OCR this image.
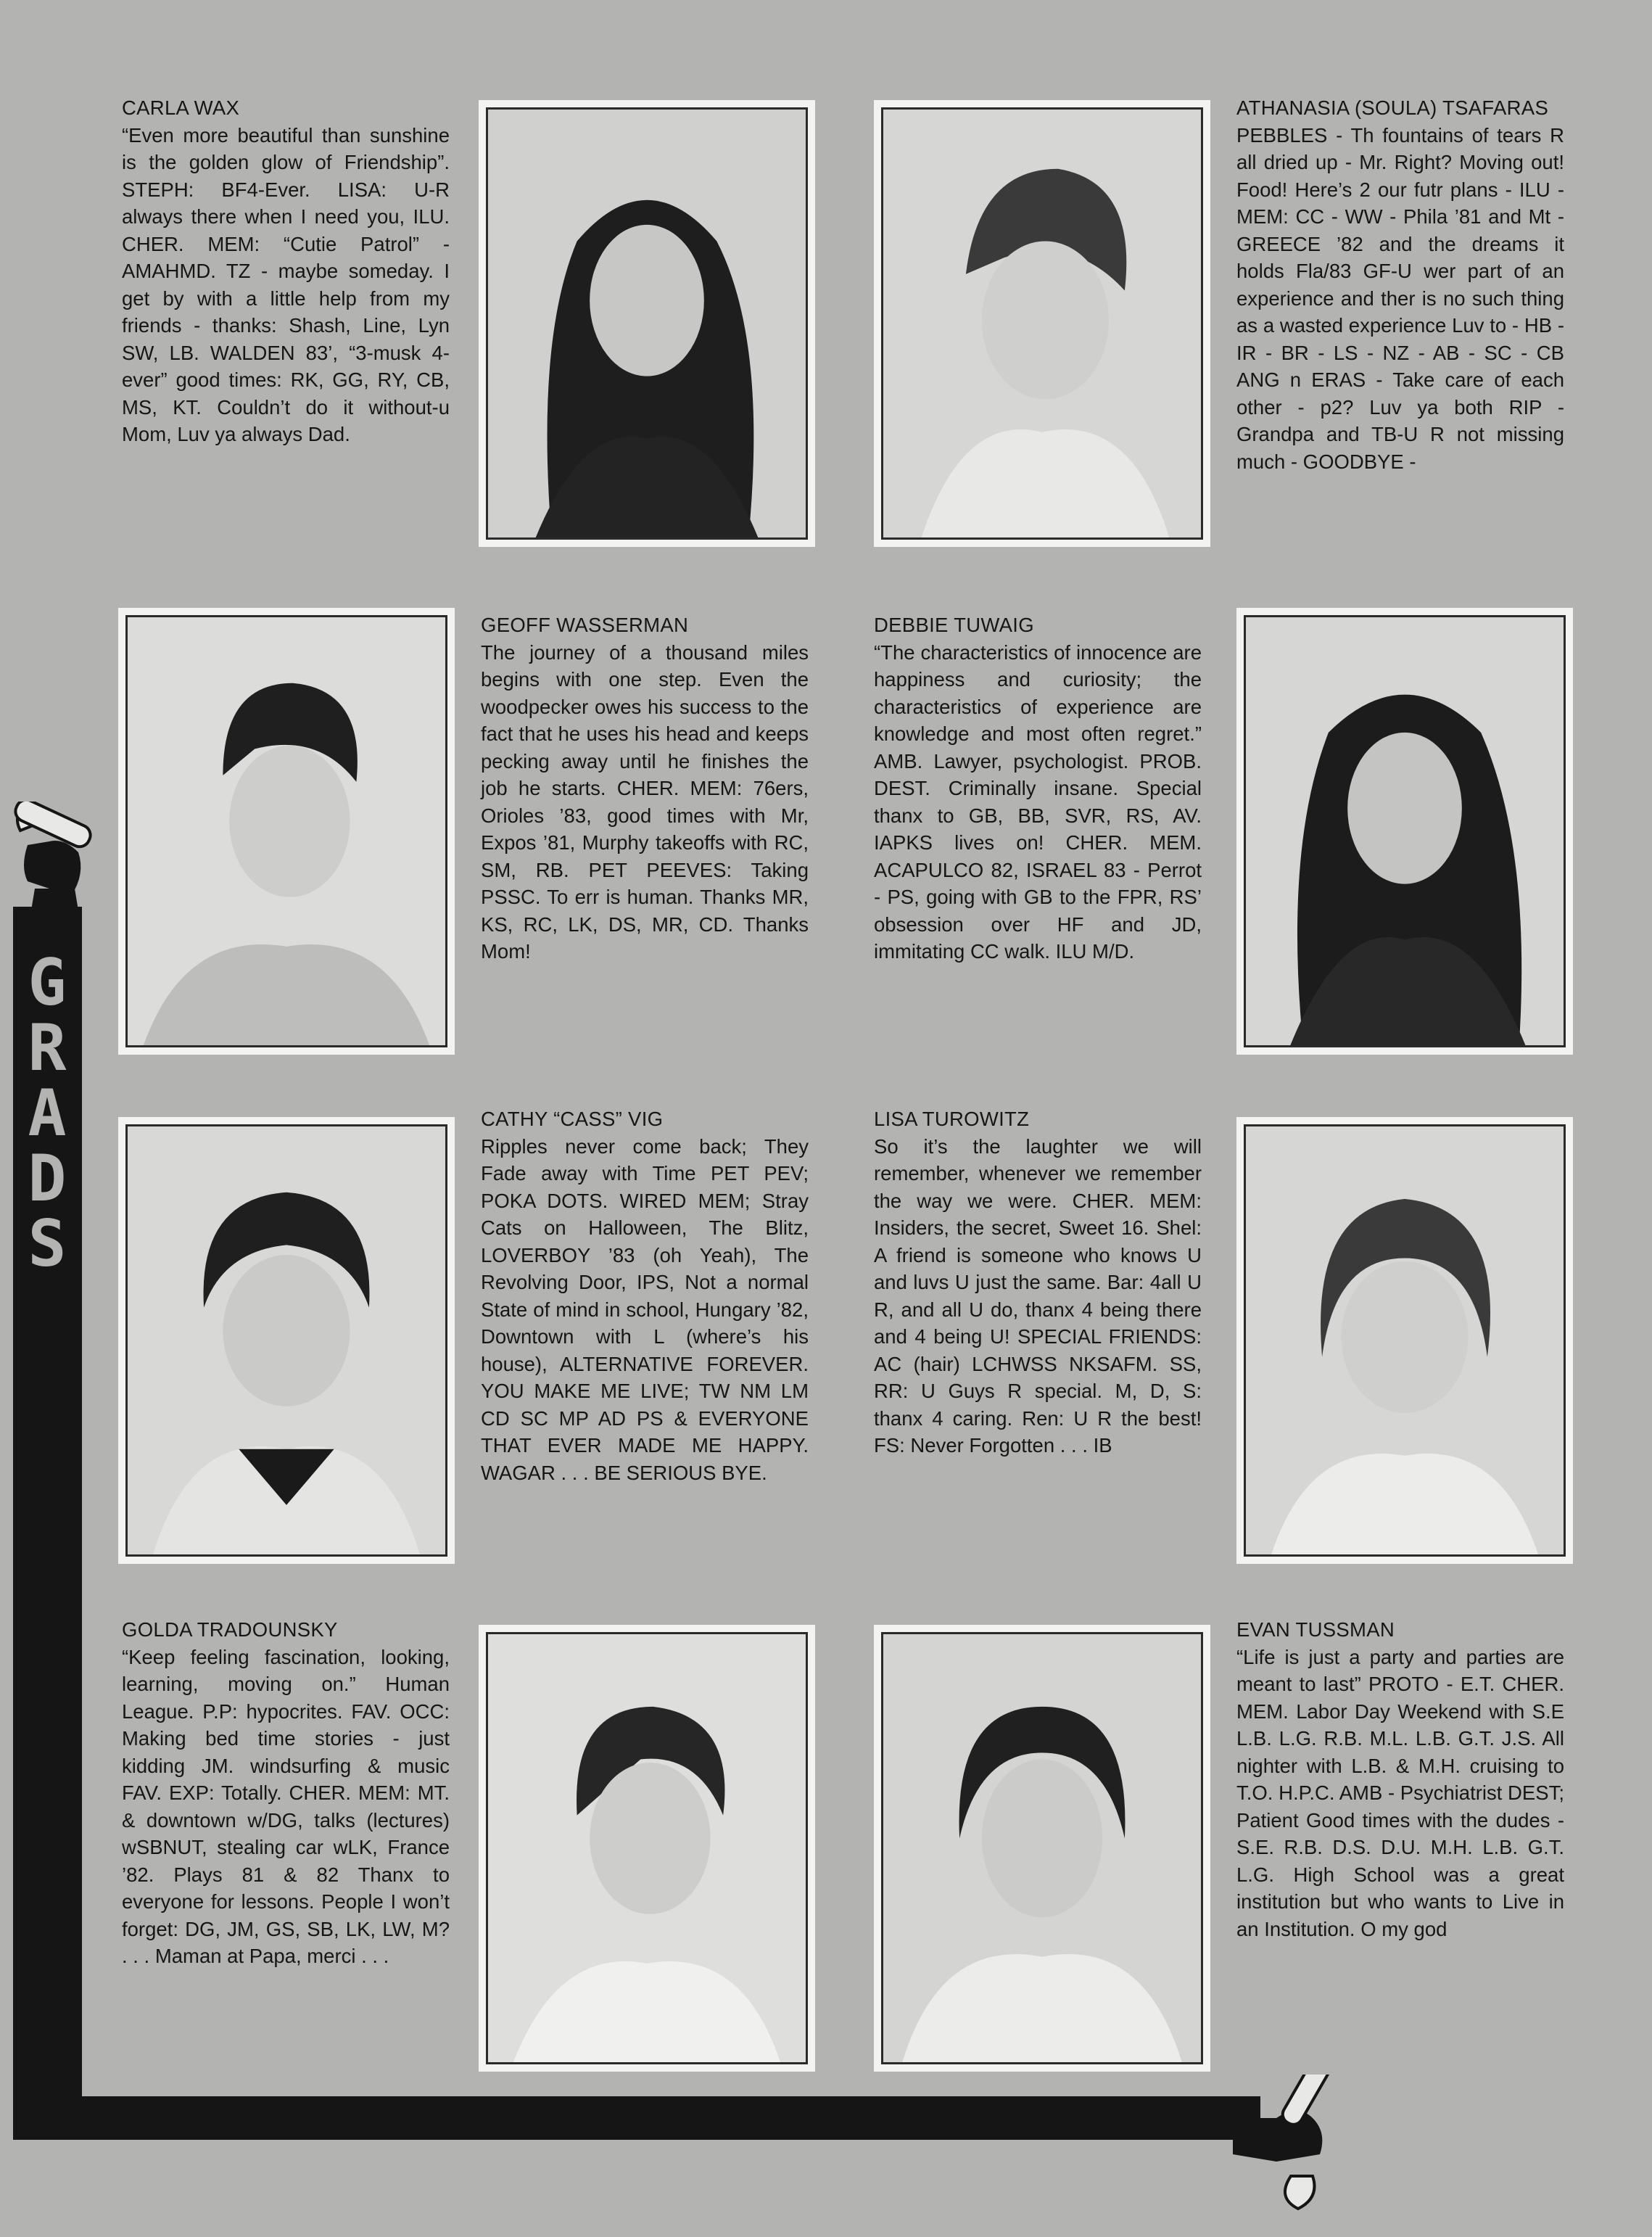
G
R
A
D
S
CARLA WAX
“Even more beautiful than sunshine is the golden glow of Friendship”. STEPH: BF4-Ever. LISA: U-R always there when I need you, ILU. CHER. MEM: “Cutie Patrol” - AMAHMD. TZ - maybe someday. I get by with a little help from my friends - thanks: Shash, Line, Lyn SW, LB. WALDEN 83’, “3-musk 4-ever” good times: RK, GG, RY, CB, MS, KT. Couldn’t do it without-u Mom, Luv ya always Dad.
ATHANASIA (SOULA) TSAFARAS
PEBBLES - Th fountains of tears R all dried up - Mr. Right? Moving out! Food! Here’s 2 our futr plans - ILU - MEM: CC - WW - Phila ’81 and Mt - GREECE ’82 and the dreams it holds Fla/83 GF-U wer part of an experience and ther is no such thing as a wasted experience Luv to - HB - IR - BR - LS - NZ - AB - SC - CB ANG n ERAS - Take care of each other - p2? Luv ya both RIP - Grandpa and TB-U R not missing much - GOODBYE -
GEOFF WASSERMAN
The journey of a thousand miles begins with one step. Even the woodpecker owes his success to the fact that he uses his head and keeps pecking away until he finishes the job he starts. CHER. MEM: 76ers, Orioles ’83, good times with Mr, Expos ’81, Murphy takeoffs with RC, SM, RB. PET PEEVES: Taking PSSC. To err is human. Thanks MR, KS, RC, LK, DS, MR, CD. Thanks Mom!
DEBBIE TUWAIG
“The characteristics of innocence are happiness and curiosity; the characteristics of experience are knowledge and most often regret.” AMB. Lawyer, psychologist. PROB. DEST. Criminally insane. Special thanx to GB, BB, SVR, RS, AV. IAPKS lives on! CHER. MEM. ACAPULCO 82, ISRAEL 83 - Perrot - PS, going with GB to the FPR, RS’ obsession over HF and JD, immitating CC walk. ILU M/D.
CATHY “CASS” VIG
Ripples never come back; They Fade away with Time PET PEV; POKA DOTS. WIRED MEM; Stray Cats on Halloween, The Blitz, LOVERBOY ’83 (oh Yeah), The Revolving Door, IPS, Not a normal State of mind in school, Hungary ’82, Downtown with L (where’s his house), ALTERNATIVE FOREVER. YOU MAKE ME LIVE; TW NM LM CD SC MP AD PS & EVERYONE THAT EVER MADE ME HAPPY. WAGAR . . . BE SERIOUS BYE.
LISA TUROWITZ
So it’s the laughter we will remember, whenever we remember the way we were. CHER. MEM: Insiders, the secret, Sweet 16. Shel: A friend is someone who knows U and luvs U just the same. Bar: 4all U R, and all U do, thanx 4 being there and 4 being U! SPECIAL FRIENDS: AC (hair) LCHWSS NKSAFM. SS, RR: U Guys R special. M, D, S: thanx 4 caring. Ren: U R the best! FS: Never Forgotten . . . IB
GOLDA TRADOUNSKY
“Keep feeling fascination, looking, learning, moving on.” Human League. P.P: hypocrites. FAV. OCC: Making bed time stories - just kidding JM. windsurfing & music FAV. EXP: Totally. CHER. MEM: MT. & downtown w/DG, talks (lectures) wSBNUT, stealing car wLK, France ’82. Plays 81 & 82 Thanx to everyone for lessons. People I won’t forget: DG, JM, GS, SB, LK, LW, M? . . . Maman at Papa, merci . . .
EVAN TUSSMAN
“Life is just a party and parties are meant to last” PROTO - E.T. CHER. MEM. Labor Day Weekend with S.E L.B. L.G. R.B. M.L. L.B. G.T. J.S. All nighter with L.B. & M.H. cruising to T.O. H.P.C. AMB - Psychiatrist DEST; Patient Good times with the dudes - S.E. R.B. D.S. D.U. M.H. L.B. G.T. L.G. High School was a great institution but who wants to Live in an Institution. O my god
